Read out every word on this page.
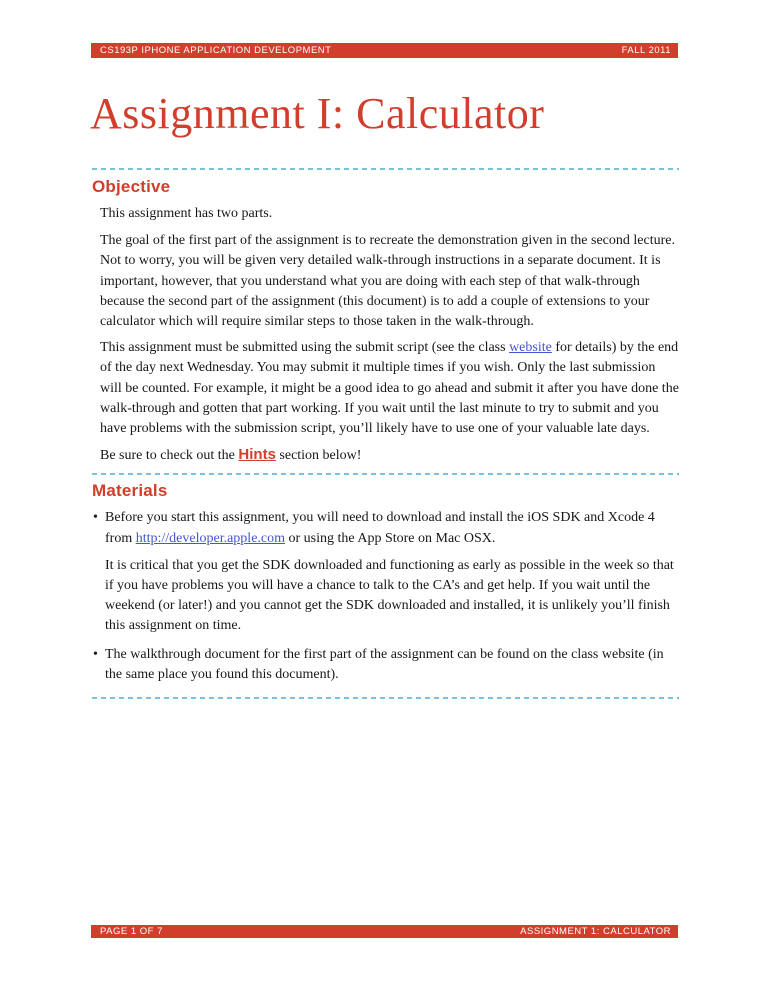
CS193P IPHONE APPLICATION DEVELOPMENT	FALL 2011
Assignment I: Calculator
Objective

This assignment has two parts.

The goal of the first part of the assignment is to recreate the demonstration given in the second lecture. Not to worry, you will be given very detailed walk-through instructions in a separate document. It is important, however, that you understand what you are doing with each step of that walk-through because the second part of the assignment (this document) is to add a couple of extensions to your calculator which will require similar steps to those taken in the walk-through.

This assignment must be submitted using the submit script (see the class website for details) by the end of the day next Wednesday. You may submit it multiple times if you wish. Only the last submission will be counted. For example, it might be a good idea to go ahead and submit it after you have done the walk-through and gotten that part working. If you wait until the last minute to try to submit and you have problems with the submission script, you’ll likely have to use one of your valuable late days.

Be sure to check out the Hints section below!

Materials
• Before you start this assignment, you will need to download and install the iOS SDK and Xcode 4 from http://developer.apple.com or using the App Store on Mac OSX.

It is critical that you get the SDK downloaded and functioning as early as possible in the week so that if you have problems you will have a chance to talk to the CA’s and get help. If you wait until the weekend (or later!) and you cannot get the SDK downloaded and installed, it is unlikely you’ll finish this assignment on time.

• The walkthrough document for the first part of the assignment can be found on the class website (in the same place you found this document).

PAGE 1 OF 7	ASSIGNMENT 1: CALCULATOR
